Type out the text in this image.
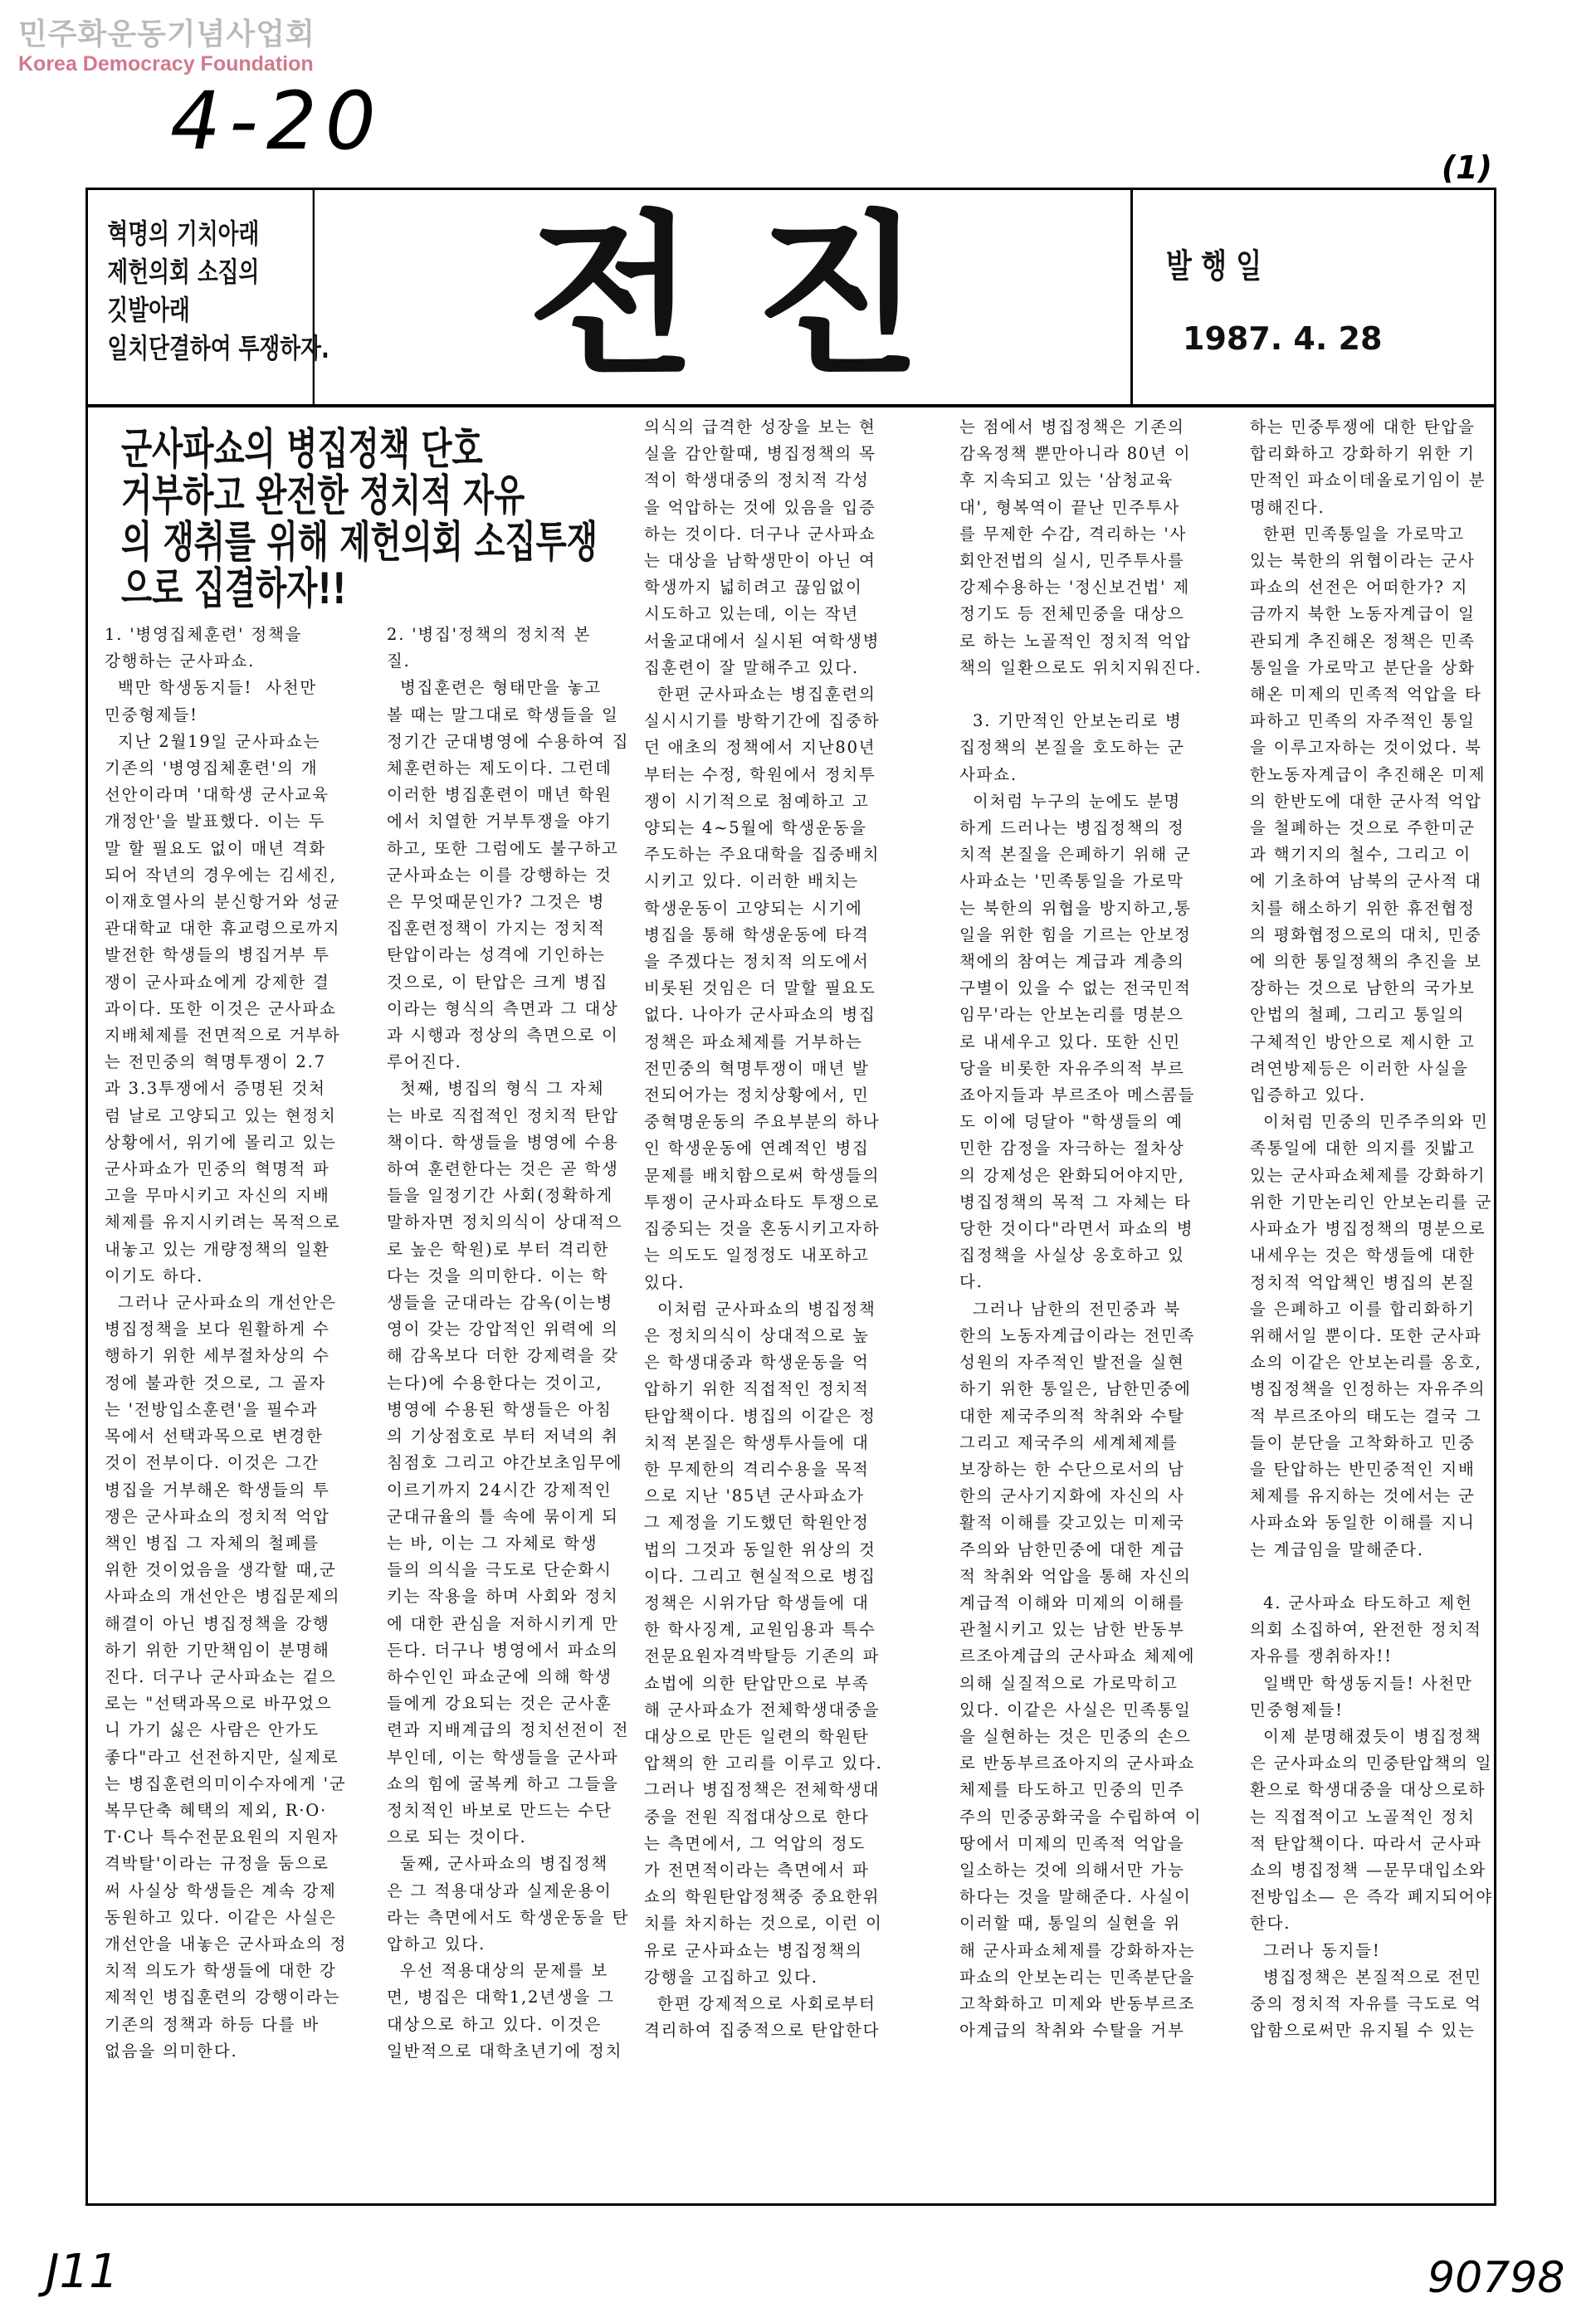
민주화운동기념사업회
Korea Democracy Foundation
4-20	(1)
혁명의 기치아래
제헌의회 소집의
깃발아래
일치단결하여 투쟁하자.	전진	발행일
1987. 4. 28
군사파쇼의 병집정책 단호
거부하고 완전한 정치적 자유
의 쟁취를 위해 제헌의회 소집투쟁
으로 집결하자!!
1. '병영집체훈련' 정책을
강행하는 군사파쇼.
백만 학생동지들!  사천만
민중형제들!
지난 2월19일 군사파쇼는
기존의 '병영집체훈련'의 개
선안이라며 '대학생 군사교육
개정안'을 발표했다. 이는 두
말 할 필요도 없이 매년 격화
되어 작년의 경우에는 김세진,
이재호열사의 분신항거와 성균
관대학교 대한 휴교령으로까지
발전한 학생들의 병집거부 투
쟁이 군사파쇼에게 강제한 결
과이다. 또한 이것은 군사파쇼
지배체제를 전면적으로 거부하
는 전민중의 혁명투쟁이 2.7
과 3.3투쟁에서 증명된 것처
럼 날로 고양되고 있는 현정치
상황에서, 위기에 몰리고 있는
군사파쇼가 민중의 혁명적 파
고을 무마시키고 자신의 지배
체제를 유지시키려는 목적으로
내놓고 있는 개량정책의 일환
이기도 하다.
그러나 군사파쇼의 개선안은
병집정책을 보다 원활하게 수
행하기 위한 세부절차상의 수
정에 불과한 것으로, 그 골자
는 '전방입소훈련'을 필수과
목에서 선택과목으로 변경한
것이 전부이다. 이것은 그간
병집을 거부해온 학생들의 투
쟁은 군사파쇼의 정치적 억압
책인 병집 그 자체의 철폐를
위한 것이었음을 생각할 때,군
사파쇼의 개선안은 병집문제의
해결이 아닌 병집정책을 강행
하기 위한 기만책임이 분명해
진다. 더구나 군사파쇼는 겉으
로는 "선택과목으로 바꾸었으
니 가기 싫은 사람은 안가도
좋다"라고 선전하지만, 실제로
는 병집훈련의미이수자에게 '군
복무단축 혜택의 제외, R·O·
T·C나 특수전문요원의 지원자
격박탈'이라는 규정을 둠으로
써 사실상 학생들은 계속 강제
동원하고 있다. 이같은 사실은
개선안을 내놓은 군사파쇼의 정
치적 의도가 학생들에 대한 강
제적인 병집훈련의 강행이라는
기존의 정책과 하등 다를 바
없음을 의미한다.
2. '병집'정책의 정치적 본
질.
병집훈련은 형태만을 놓고
볼 때는 말그대로 학생들을 일
정기간 군대병영에 수용하여 집
체훈련하는 제도이다. 그런데
이러한 병집훈련이 매년 학원
에서 치열한 거부투쟁을 야기
하고, 또한 그럼에도 불구하고
군사파쇼는 이를 강행하는 것
은 무엇때문인가? 그것은 병
집훈련정책이 가지는 정치적
탄압이라는 성격에 기인하는
것으로, 이 탄압은 크게 병집
이라는 형식의 측면과 그 대상
과 시행과 정상의 측면으로 이
루어진다.
첫째, 병집의 형식 그 자체
는 바로 직접적인 정치적 탄압
책이다. 학생들을 병영에 수용
하여 훈련한다는 것은 곧 학생
들을 일정기간 사회(정확하게
말하자면 정치의식이 상대적으
로 높은 학원)로 부터 격리한
다는 것을 의미한다. 이는 학
생들을 군대라는 감옥(이는병
영이 갖는 강압적인 위력에 의
해 감옥보다 더한 강제력을 갖
는다)에 수용한다는 것이고,
병영에 수용된 학생들은 아침
의 기상점호로 부터 저녁의 취
침점호 그리고 야간보초임무에
이르기까지 24시간 강제적인
군대규율의 틀 속에 묶이게 되
는 바, 이는 그 자체로 학생
들의 의식을 극도로 단순화시
키는 작용을 하며 사회와 정치
에 대한 관심을 저하시키게 만
든다. 더구나 병영에서 파쇼의
하수인인 파쇼군에 의해 학생
들에게 강요되는 것은 군사훈
련과 지배계급의 정치선전이 전
부인데, 이는 학생들을 군사파
쇼의 힘에 굴복케 하고 그들을
정치적인 바보로 만드는 수단
으로 되는 것이다.
둘째, 군사파쇼의 병집정책
은 그 적용대상과 실제운용이
라는 측면에서도 학생운동을 탄
압하고 있다.
우선 적용대상의 문제를 보
면, 병집은 대학1,2년생을 그
대상으로 하고 있다. 이것은
일반적으로 대학초년기에 정치
의식의 급격한 성장을 보는 현
실을 감안할때, 병집정책의 목
적이 학생대중의 정치적 각성
을 억압하는 것에 있음을 입증
하는 것이다. 더구나 군사파쇼
는 대상을 남학생만이 아닌 여
학생까지 넓히려고 끊임없이
시도하고 있는데, 이는 작년
서울교대에서 실시된 여학생병
집훈련이 잘 말해주고 있다.
한편 군사파쇼는 병집훈련의
실시시기를 방학기간에 집중하
던 애초의 정책에서 지난80년
부터는 수정, 학원에서 정치투
쟁이 시기적으로 첨예하고 고
양되는 4~5월에 학생운동을
주도하는 주요대학을 집중배치
시키고 있다. 이러한 배치는
학생운동이 고양되는 시기에
병집을 통해 학생운동에 타격
을 주겠다는 정치적 의도에서
비롯된 것임은 더 말할 필요도
없다. 나아가 군사파쇼의 병집
정책은 파쇼체제를 거부하는
전민중의 혁명투쟁이 매년 발
전되어가는 정치상황에서, 민
중혁명운동의 주요부분의 하나
인 학생운동에 연례적인 병집
문제를 배치함으로써 학생들의
투쟁이 군사파쇼타도 투쟁으로
집중되는 것을 혼동시키고자하
는 의도도 일정정도 내포하고
있다.
이처럼 군사파쇼의 병집정책
은 정치의식이 상대적으로 높
은 학생대중과 학생운동을 억
압하기 위한 직접적인 정치적
탄압책이다. 병집의 이같은 정
치적 본질은 학생투사들에 대
한 무제한의 격리수용을 목적
으로 지난 '85년 군사파쇼가
그 제정을 기도했던 학원안정
법의 그것과 동일한 위상의 것
이다. 그리고 현실적으로 병집
정책은 시위가담 학생들에 대
한 학사징계, 교원임용과 특수
전문요원자격박탈등 기존의 파
쇼법에 의한 탄압만으로 부족
해 군사파쇼가 전체학생대중을
대상으로 만든 일련의 학원탄
압책의 한 고리를 이루고 있다.
그러나 병집정책은 전체학생대
중을 전원 직접대상으로 한다
는 측면에서, 그 억압의 정도
가 전면적이라는 측면에서 파
쇼의 학원탄압정책중 중요한위
치를 차지하는 것으로, 이런 이
유로 군사파쇼는 병집정책의
강행을 고집하고 있다.
한편 강제적으로 사회로부터
격리하여 집중적으로 탄압한다
는 점에서 병집정책은 기존의
감옥정책 뿐만아니라 80년 이
후 지속되고 있는 '삼청교육
대', 형복역이 끝난 민주투사
를 무제한 수감, 격리하는 '사
회안전법의 실시, 민주투사를
강제수용하는 '정신보건법' 제
정기도 등 전체민중을 대상으
로 하는 노골적인 정치적 억압
책의 일환으로도 위치지워진다.
3. 기만적인 안보논리로 병
집정책의 본질을 호도하는 군
사파쇼.
이처럼 누구의 눈에도 분명
하게 드러나는 병집정책의 정
치적 본질을 은폐하기 위해 군
사파쇼는 '민족통일을 가로막
는 북한의 위협을 방지하고,통
일을 위한 힘을 기르는 안보정
책에의 참여는 계급과 계층의
구별이 있을 수 없는 전국민적
임무'라는 안보논리를 명분으
로 내세우고 있다. 또한 신민
당을 비롯한 자유주의적 부르
죠아지들과 부르조아 메스콤들
도 이에 덩달아 "학생들의 예
민한 감정을 자극하는 절차상
의 강제성은 완화되어야지만,
병집정책의 목적 그 자체는 타
당한 것이다"라면서 파쇼의 병
집정책을 사실상 옹호하고 있
다.
그러나 남한의 전민중과 북
한의 노동자계급이라는 전민족
성원의 자주적인 발전을 실현
하기 위한 통일은, 남한민중에
대한 제국주의적 착취와 수탈
그리고 제국주의 세계체제를
보장하는 한 수단으로서의 남
한의 군사기지화에 자신의 사
활적 이해를 갖고있는 미제국
주의와 남한민중에 대한 계급
적 착취와 억압을 통해 자신의
계급적 이해와 미제의 이해를
관철시키고 있는 남한 반동부
르조아계급의 군사파쇼 체제에
의해 실질적으로 가로막히고
있다. 이같은 사실은 민족통일
을 실현하는 것은 민중의 손으
로 반동부르죠아지의 군사파쇼
체제를 타도하고 민중의 민주
주의 민중공화국을 수립하여 이
땅에서 미제의 민족적 억압을
일소하는 것에 의해서만 가능
하다는 것을 말해준다. 사실이
이러할 때, 통일의 실현을 위
해 군사파쇼체제를 강화하자는
파쇼의 안보논리는 민족분단을
고착화하고 미제와 반동부르조
아계급의 착취와 수탈을 거부
하는 민중투쟁에 대한 탄압을
합리화하고 강화하기 위한 기
만적인 파쇼이데올로기임이 분
명해진다.
한편 민족통일을 가로막고
있는 북한의 위협이라는 군사
파쇼의 선전은 어떠한가? 지
금까지 북한 노동자계급이 일
관되게 추진해온 정책은 민족
통일을 가로막고 분단을 상화
해온 미제의 민족적 억압을 타
파하고 민족의 자주적인 통일
을 이루고자하는 것이었다. 북
한노동자계급이 추진해온 미제
의 한반도에 대한 군사적 억압
을 철폐하는 것으로 주한미군
과 핵기지의 철수, 그리고 이
에 기초하여 남북의 군사적 대
치를 해소하기 위한 휴전협정
의 평화협정으로의 대치, 민중
에 의한 통일정책의 추진을 보
장하는 것으로 남한의 국가보
안법의 철폐, 그리고 통일의
구체적인 방안으로 제시한 고
려연방제등은 이러한 사실을
입증하고 있다.
이처럼 민중의 민주주의와 민
족통일에 대한 의지를 짓밟고
있는 군사파쇼체제를 강화하기
위한 기만논리인 안보논리를 군
사파쇼가 병집정책의 명분으로
내세우는 것은 학생들에 대한
정치적 억압책인 병집의 본질
을 은폐하고 이를 합리화하기
위해서일 뿐이다. 또한 군사파
쇼의 이같은 안보논리를 옹호,
병집정책을 인정하는 자유주의
적 부르조아의 태도는 결국 그
들이 분단을 고착화하고 민중
을 탄압하는 반민중적인 지배
체제를 유지하는 것에서는 군
사파쇼와 동일한 이해를 지니
는 계급임을 말해준다.
4. 군사파쇼 타도하고 제헌
의회 소집하여, 완전한 정치적
자유를 쟁취하자!!
일백만 학생동지들! 사천만
민중형제들!
이제 분명해졌듯이 병집정책
은 군사파쇼의 민중탄압책의 일
환으로 학생대중을 대상으로하
는 직접적이고 노골적인 정치
적 탄압책이다. 따라서 군사파
쇼의 병집정책 —문무대입소와
전방입소— 은 즉각 폐지되어야
한다.
그러나 동지들!
병집정책은 본질적으로 전민
중의 정치적 자유를 극도로 억
압함으로써만 유지될 수 있는
J11	90798
